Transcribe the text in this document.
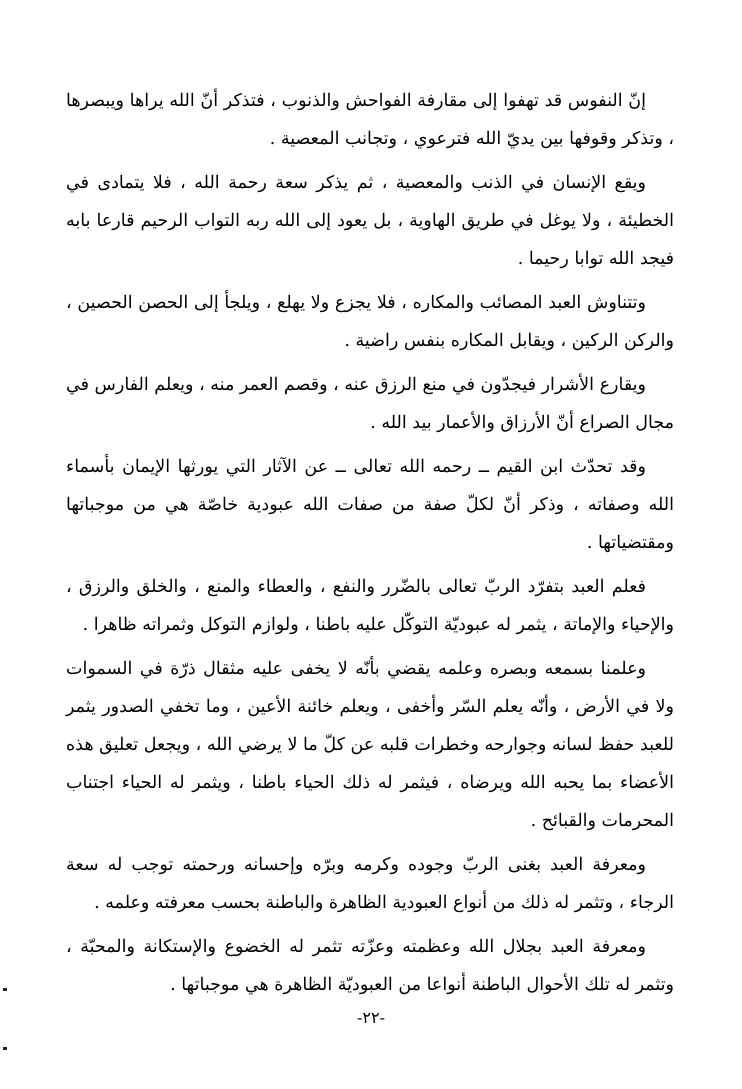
إنّ النفوس قد تهفوا إلى مقارفة الفواحش والذنوب ، فتذكر أنّ الله يراها ويبصرها ، وتذكر وقوفها بين يديّ الله فترعوي ، وتجانب المعصية .

ويقع الإنسان في الذنب والمعصية ، ثم يذكر سعة رحمة الله ، فلا يتمادى في الخطيئة ، ولا يوغل في طريق الهاوية ، بل يعود إلى الله ربه التواب الرحيم قارعا بابه فيجد الله توابا رحيما .

وتتناوش العبد المصائب والمكاره ، فلا يجزع ولا يهلع ، ويلجأ إلى الحصن الحصين ، والركن الركين ، ويقابل المكاره بنفس راضية .

ويقارع الأشرار فيجدّون في منع الرزق عنه ، وقصم العمر منه ، ويعلم الفارس في مجال الصراع أنّ الأرزاق والأعمار بيد الله .

وقد تحدّث ابن القيم ــ رحمه الله تعالى ــ عن الآثار التي يورثها الإيمان بأسماء الله وصفاته ، وذكر أنّ لكلّ صفة من صفات الله عبودية خاصّة هي من موجباتها ومقتضياتها .

فعلم العبد بتفرّد الربّ تعالى بالضّرر والنفع ، والعطاء والمنع ، والخلق والرزق ، والإحياء والإماتة ، يثمر له عبوديّة التوكّل عليه باطنا ، ولوازم التوكل وثمراته ظاهرا .

وعلمنا بسمعه وبصره وعلمه يقضي بأنّه لا يخفى عليه مثقال ذرّة في السموات ولا في الأرض ، وأنّه يعلم السّر وأخفى ، ويعلم خائنة الأعين ، وما تخفي الصدور يثمر للعبد حفظ لسانه وجوارحه وخطرات قلبه عن كلّ ما لا يرضي الله ، ويجعل تعليق هذه الأعضاء بما يحبه الله ويرضاه ، فيثمر له ذلك الحياء باطنا ، ويثمر له الحياء اجتناب المحرمات والقبائح .

ومعرفة العبد بغنى الربّ وجوده وكرمه وبرّه وإحسانه ورحمته توجب له سعة الرجاء ، وتثمر له ذلك من أنواع العبودية الظاهرة والباطنة بحسب معرفته وعلمه .

ومعرفة العبد بجلال الله وعظمته وعزّته تثمر له الخضوع والإستكانة والمحبّة ، وتثمر له تلك الأحوال الباطنة أنواعا من العبوديّة الظاهرة هي موجباتها .

-٢٢-
